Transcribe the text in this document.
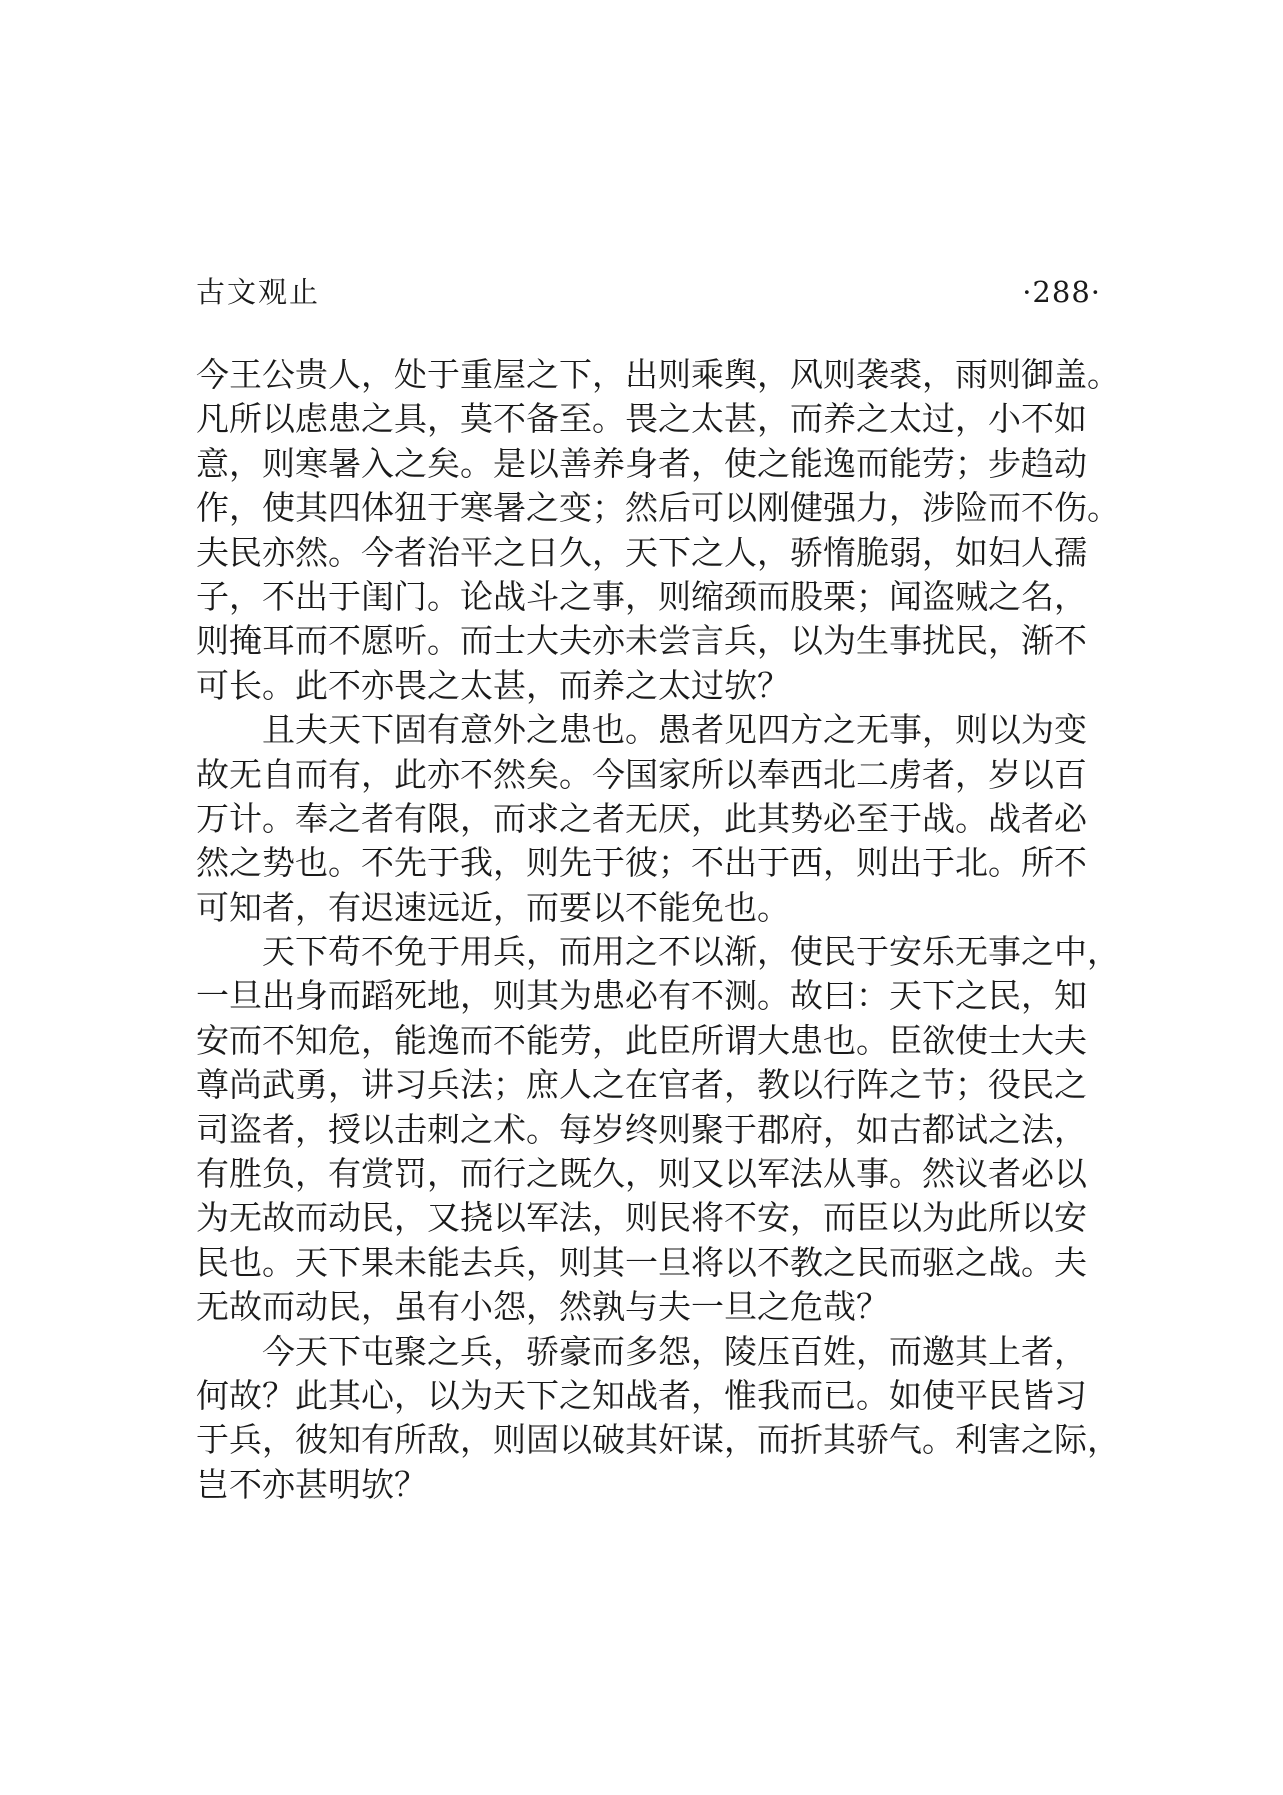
古文观止	·288·
今王公贵人，处于重屋之下，出则乘舆，风则袭裘，雨则御盖。
凡所以虑患之具，莫不备至。畏之太甚，而养之太过，小不如
意，则寒暑入之矣。是以善养身者，使之能逸而能劳；步趋动
作，使其四体狃于寒暑之变；然后可以刚健强力，涉险而不伤。
夫民亦然。今者治平之日久，天下之人，骄惰脆弱，如妇人孺
子，不出于闺门。论战斗之事，则缩颈而股栗；闻盗贼之名，
则掩耳而不愿听。而士大夫亦未尝言兵，以为生事扰民，渐不
可长。此不亦畏之太甚，而养之太过欤？
且夫天下固有意外之患也。愚者见四方之无事，则以为变
故无自而有，此亦不然矣。今国家所以奉西北二虏者，岁以百
万计。奉之者有限，而求之者无厌，此其势必至于战。战者必
然之势也。不先于我，则先于彼；不出于西，则出于北。所不
可知者，有迟速远近，而要以不能免也。
天下苟不免于用兵，而用之不以渐，使民于安乐无事之中，
一旦出身而蹈死地，则其为患必有不测。故曰：天下之民，知
安而不知危，能逸而不能劳，此臣所谓大患也。臣欲使士大夫
尊尚武勇，讲习兵法；庶人之在官者，教以行阵之节；役民之
司盗者，授以击刺之术。每岁终则聚于郡府，如古都试之法，
有胜负，有赏罚，而行之既久，则又以军法从事。然议者必以
为无故而动民，又挠以军法，则民将不安，而臣以为此所以安
民也。天下果未能去兵，则其一旦将以不教之民而驱之战。夫
无故而动民，虽有小怨，然孰与夫一旦之危哉？
今天下屯聚之兵，骄豪而多怨，陵压百姓，而邀其上者，
何故？此其心，以为天下之知战者，惟我而已。如使平民皆习
于兵，彼知有所敌，则固以破其奸谋，而折其骄气。利害之际，
岂不亦甚明欤？
